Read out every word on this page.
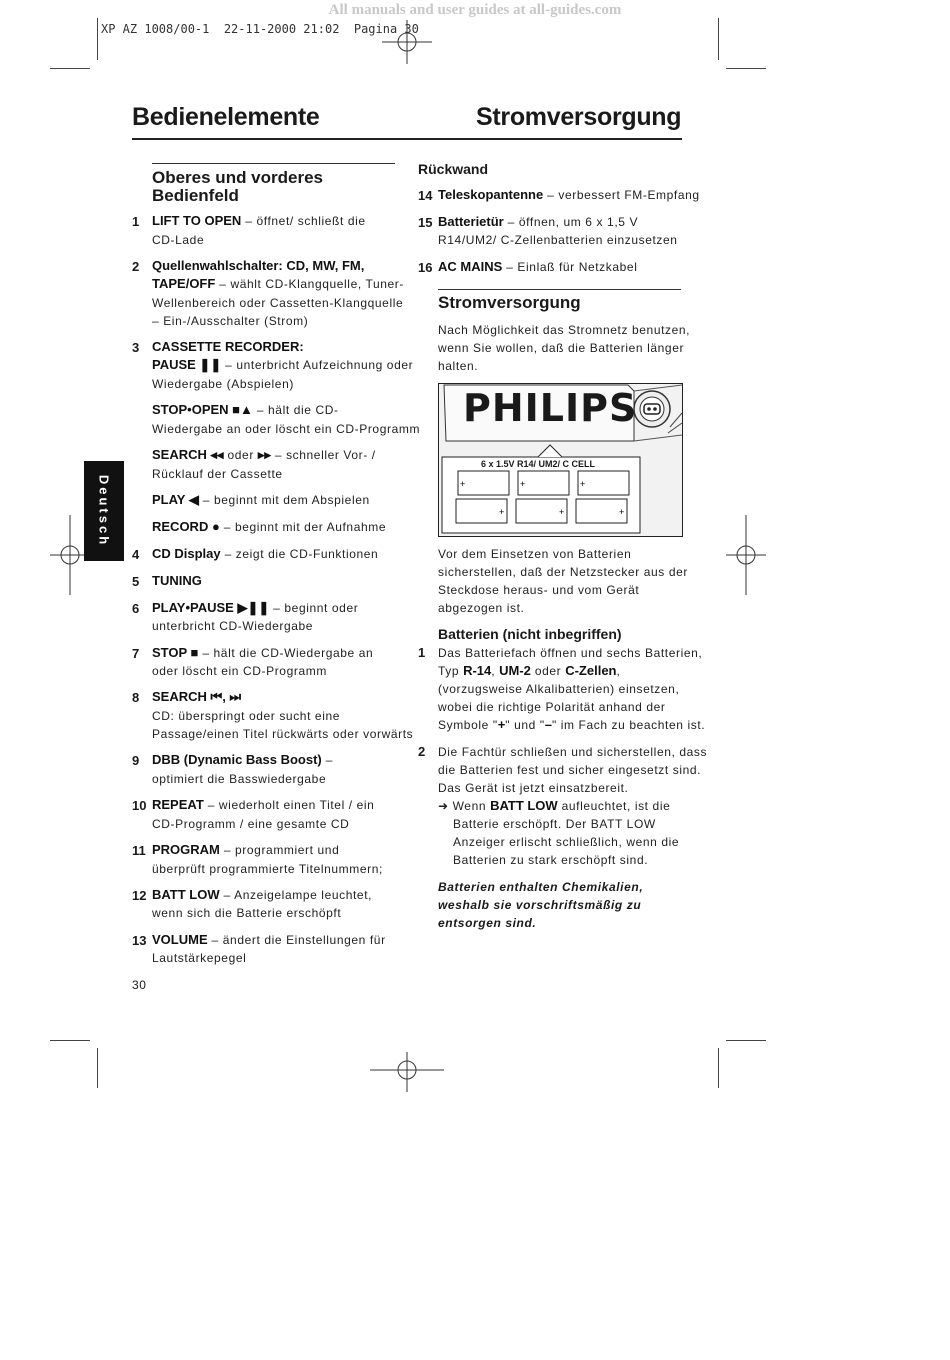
All manuals and user guides at all-guides.com
XP AZ 1008/00-1  22-11-2000 21:02  Pagina 30
Bedienelemente	Stromversorgung
Deutsch
Oberes und vorderes
Bedienfeld
1 LIFT TO OPEN – öffnet/ schließt die
CD-Lade
2 Quellenwahlschalter: CD, MW, FM,
TAPE/OFF – wählt CD-Klangquelle, Tuner-
Wellenbereich oder Cassetten-Klangquelle
– Ein-/Ausschalter (Strom)
3 CASSETTE RECORDER:
PAUSE ❚❚ – unterbricht Aufzeichnung oder
Wiedergabe (Abspielen)
STOP•OPEN ■▲ – hält die CD-
Wiedergabe an oder löscht ein CD-Programm
SEARCH ◂◂ oder ▸▸ – schneller Vor- /
Rücklauf der Cassette
PLAY ◀ – beginnt mit dem Abspielen
RECORD ● – beginnt mit der Aufnahme
4 CD Display – zeigt die CD-Funktionen
5 TUNING
6 PLAY•PAUSE ▶❚❚ – beginnt oder
unterbricht CD-Wiedergabe
7 STOP ■ – hält die CD-Wiedergabe an
oder löscht ein CD-Programm
8 SEARCH ⏮, ⏭
CD: überspringt oder sucht eine
Passage/einen Titel rückwärts oder vorwärts
9 DBB (Dynamic Bass Boost) –
optimiert die Basswiedergabe
10 REPEAT – wiederholt einen Titel / ein
CD-Programm / eine gesamte CD
11 PROGRAM – programmiert und
überprüft programmierte Titelnummern;
12 BATT LOW – Anzeigelampe leuchtet,
wenn sich die Batterie erschöpft
13 VOLUME – ändert die Einstellungen für
Lautstärkepegel
30
Rückwand
14 Teleskopantenne – verbessert FM-Empfang
15 Batterietür – öffnen, um 6 x 1,5 V
R14/UM2/ C-Zellenbatterien einzusetzen
16 AC MAINS – Einlaß für Netzkabel
Stromversorgung
Nach Möglichkeit das Stromnetz benutzen,
wenn Sie wollen, daß die Batterien länger
halten.
+	+	+
+	+	+
PHILIPS
6 x 1.5V R14/ UM2/ C CELL
Vor dem Einsetzen von Batterien
sicherstellen, daß der Netzstecker aus der
Steckdose heraus- und vom Gerät
abgezogen ist.
Batterien (nicht inbegriffen)
1 Das Batteriefach öffnen und sechs Batterien,
Typ R-14, UM-2 oder C-Zellen,
(vorzugsweise Alkalibatterien) einsetzen,
wobei die richtige Polarität anhand der
Symbole "+" und "–" im Fach zu beachten ist.
2 Die Fachtür schließen und sicherstellen, dass
die Batterien fest und sicher eingesetzt sind.
Das Gerät ist jetzt einsatzbereit.
➜ Wenn BATT LOW aufleuchtet, ist die
Batterie erschöpft. Der BATT LOW
Anzeiger erlischt schließlich, wenn die
Batterien zu stark erschöpft sind.
Batterien enthalten Chemikalien,
weshalb sie vorschriftsmäßig zu
entsorgen sind.
